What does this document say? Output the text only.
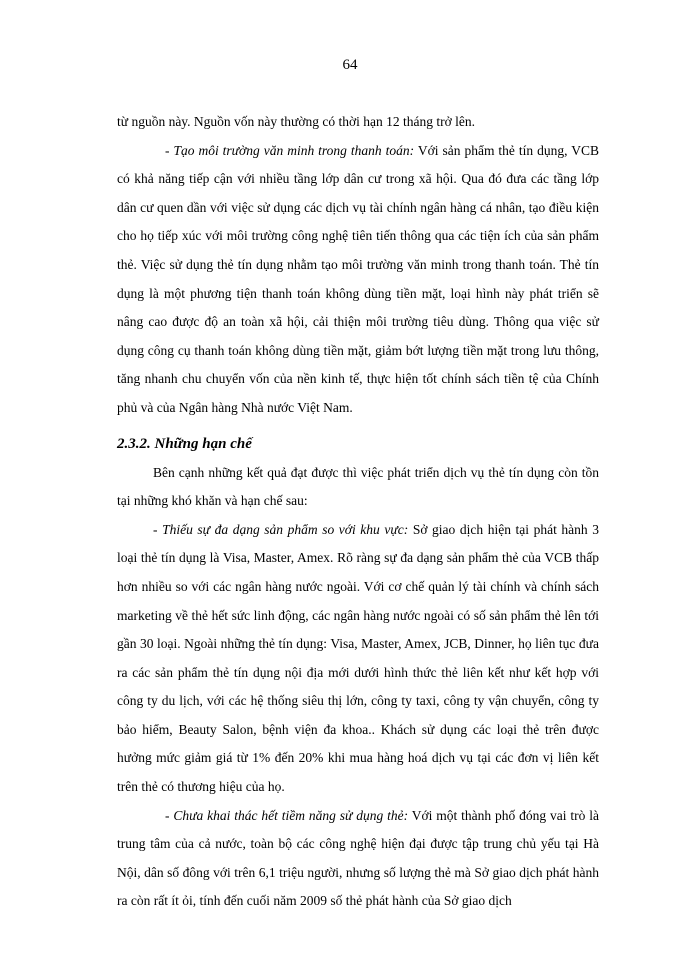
64

từ nguồn này. Nguồn vốn này thường có thời hạn 12 tháng trở lên.

- Tạo môi trường văn minh trong thanh toán: Với sản phẩm thẻ tín dụng, VCB có khả năng tiếp cận với nhiều tầng lớp dân cư trong xã hội. Qua đó đưa các tầng lớp dân cư quen dần với việc sử dụng các dịch vụ tài chính ngân hàng cá nhân, tạo điều kiện cho họ tiếp xúc với môi trường công nghệ tiên tiến thông qua các tiện ích của sản phẩm thẻ. Việc sử dụng thẻ tín dụng nhằm tạo môi trường văn minh trong thanh toán. Thẻ tín dụng là một phương tiện thanh toán không dùng tiền mặt, loại hình này phát triển sẽ nâng cao được độ an toàn xã hội, cải thiện môi trường tiêu dùng. Thông qua việc sử dụng công cụ thanh toán không dùng tiền mặt, giảm bớt lượng tiền mặt trong lưu thông, tăng nhanh chu chuyển vốn của nền kinh tế, thực hiện tốt chính sách tiền tệ của Chính phủ và của Ngân hàng Nhà nước Việt Nam.

2.3.2. Những hạn chế

Bên cạnh những kết quả đạt được thì việc phát triển dịch vụ thẻ tín dụng còn tồn tại những khó khăn và hạn chế sau:

- Thiếu sự đa dạng sản phẩm so với khu vực: Sở giao dịch hiện tại phát hành 3 loại thẻ tín dụng là Visa, Master, Amex. Rõ ràng sự đa dạng sản phẩm thẻ của VCB thấp hơn nhiều so với các ngân hàng nước ngoài. Với cơ chế quản lý tài chính và chính sách marketing về thẻ hết sức linh động, các ngân hàng nước ngoài có số sản phẩm thẻ lên tới gần 30 loại. Ngoài những thẻ tín dụng: Visa, Master, Amex, JCB, Dinner, họ liên tục đưa ra các sản phẩm thẻ tín dụng nội địa mới dưới hình thức thẻ liên kết như kết hợp với công ty du lịch, với các hệ thống siêu thị lớn, công ty taxi, công ty vận chuyển, công ty bảo hiểm, Beauty Salon, bệnh viện đa khoa.. Khách sử dụng các loại thẻ trên được hưởng mức giảm giá từ 1% đến 20% khi mua hàng hoá dịch vụ tại các đơn vị liên kết trên thẻ có thương hiệu của họ.

- Chưa khai thác hết tiềm năng sử dụng thẻ: Với một thành phố đóng vai trò là trung tâm của cả nước, toàn bộ các công nghệ hiện đại được tập trung chủ yếu tại Hà Nội, dân số đông với trên 6,1 triệu người, nhưng số lượng thẻ mà Sở giao dịch phát hành ra còn rất ít ỏi, tính đến cuối năm 2009 số thẻ phát hành của Sở giao dịch
